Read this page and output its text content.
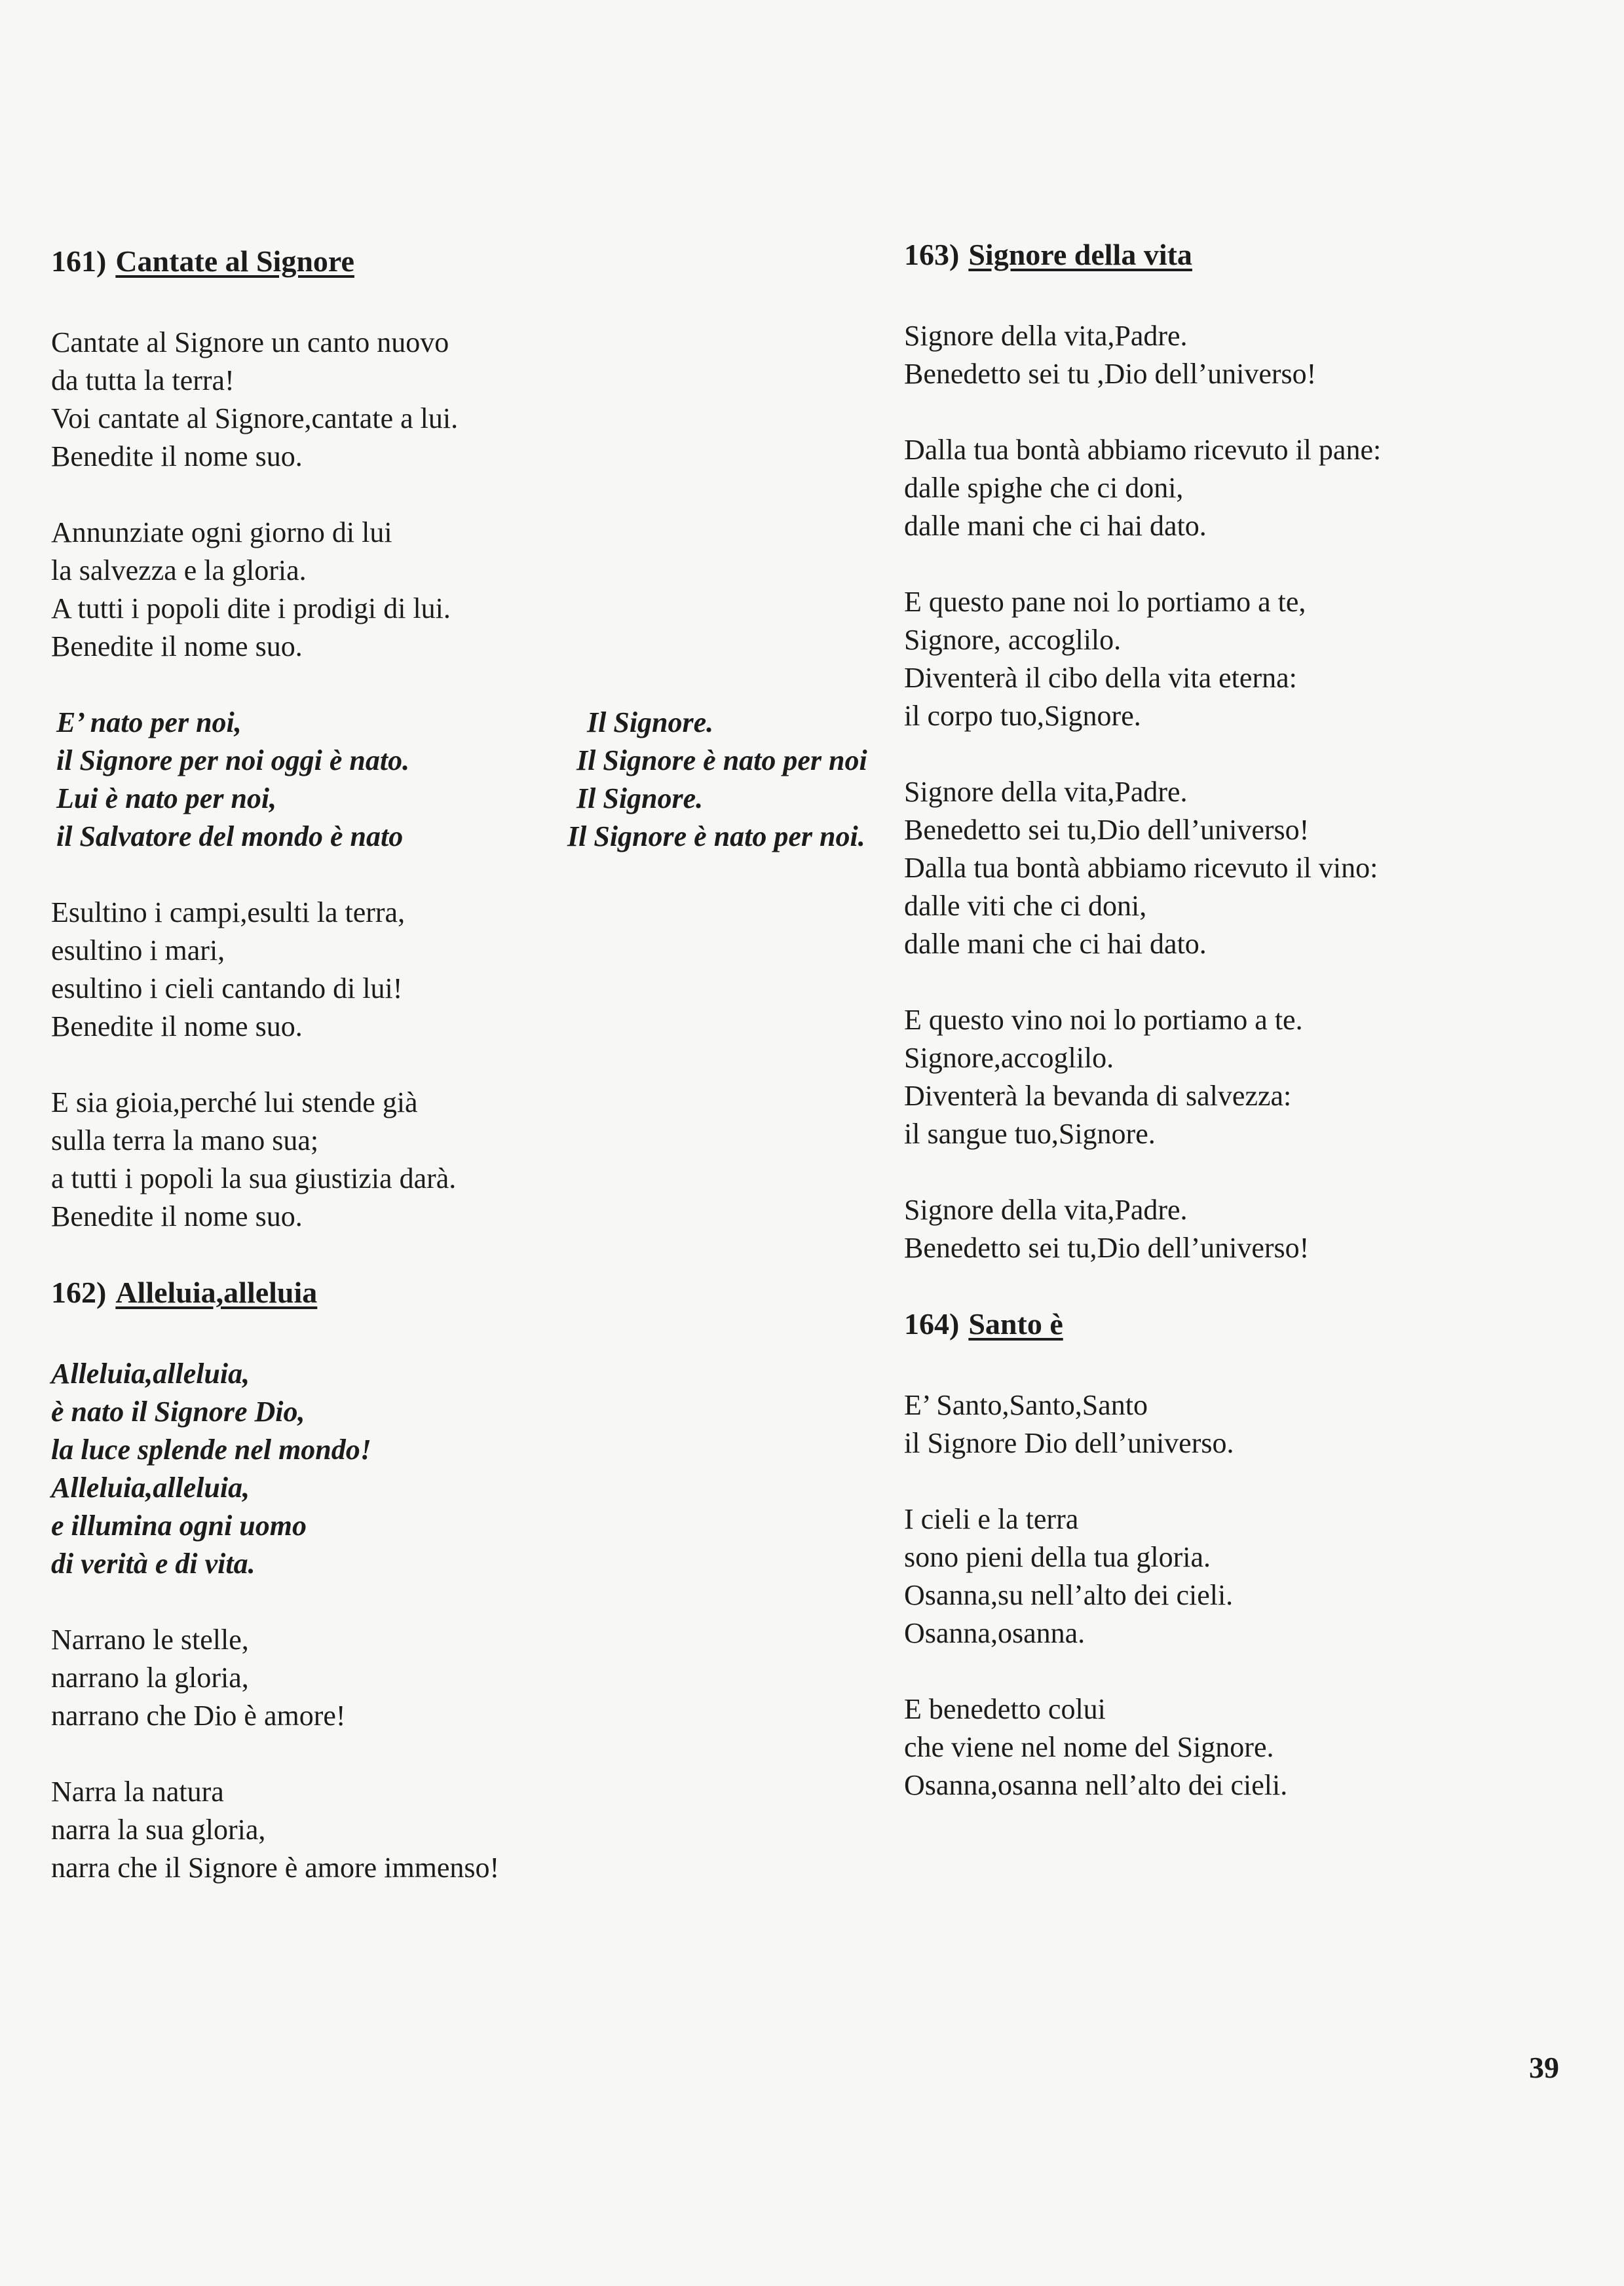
161) Cantate al Signore
Cantate al Signore un canto nuovo
da tutta la terra!
Voi cantate al Signore,cantate a lui.
Benedite il nome suo.
Annunziate ogni giorno di lui
la salvezza e la gloria.
A tutti i popoli dite i prodigi di lui.
Benedite il nome suo.
E’ nato per noi,
il Signore per noi oggi è nato.
Lui è nato per noi,
il Salvatore del mondo è nato
Il Signore.
Il Signore è nato per noi
Il Signore.
Il Signore è nato per noi.
Esultino i campi,esulti la terra,
esultino i mari,
esultino i cieli cantando di lui!
Benedite il nome suo.
E sia gioia,perché lui stende già
sulla terra la mano sua;
a tutti i popoli la sua giustizia darà.
Benedite il nome suo.
162) Alleluia,alleluia
Alleluia,alleluia,
è nato il Signore Dio,
la luce splende nel mondo!
Alleluia,alleluia,
e illumina ogni uomo
di verità e di vita.
Narrano le stelle,
narrano la gloria,
narrano che Dio è amore!
Narra la natura
narra la sua gloria,
narra che il Signore è amore immenso!
163) Signore della vita
Signore della vita,Padre.
Benedetto sei tu ,Dio dell’universo!
Dalla tua bontà abbiamo ricevuto il pane:
dalle spighe che ci doni,
dalle mani che ci hai dato.
E questo pane noi lo portiamo a te,
Signore, accoglilo.
Diventerà il cibo della vita eterna:
il corpo tuo,Signore.
Signore della vita,Padre.
Benedetto sei tu,Dio dell’universo!
Dalla tua bontà abbiamo ricevuto il vino:
dalle viti che ci doni,
dalle mani che ci hai dato.
E questo vino noi lo portiamo a te.
Signore,accoglilo.
Diventerà la bevanda di salvezza:
il sangue tuo,Signore.
Signore della vita,Padre.
Benedetto sei tu,Dio dell’universo!
164) Santo è
E’ Santo,Santo,Santo
il Signore Dio dell’universo.
I cieli e la terra
sono pieni della tua gloria.
Osanna,su nell’alto dei cieli.
Osanna,osanna.
E benedetto colui
che viene nel nome del Signore.
Osanna,osanna nell’alto dei cieli.
39
